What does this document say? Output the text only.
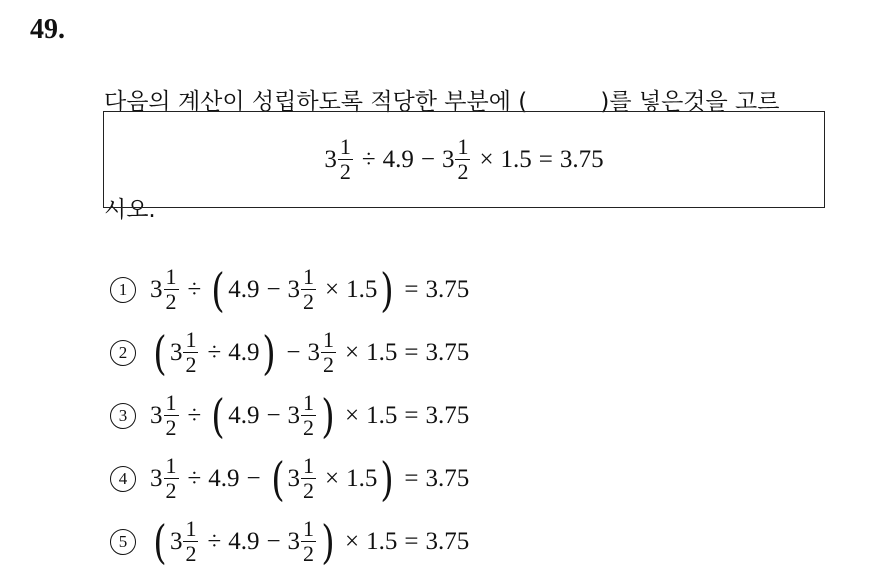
49.

다음의 계산이 성립하도록 적당한 부분에 (          )를 넣은것을 고르

시오.

$3 \frac{1}{2} \div 4.9 - 3 \frac{1}{2} \times 1.5 = 3.75$
1 $3 \frac{1}{2}$ ÷ ( $4.9 - 3 \frac{1}{2} \times 1.5$ ) = 3.75
2 ( $3 \frac{1}{2} \div 4.9$ ) − $3 \frac{1}{2} \times 1.5 = 3.75$
3 $3 \frac{1}{2}$ ÷ ( $4.9 - 3 \frac{1}{2}$ ) × 1.5 = 3.75
4 $3 \frac{1}{2} \div 4.9$ − ( $3 \frac{1}{2} \times 1.5$ ) = 3.75
5 ( $3 \frac{1}{2} \div 4.9 - 3 \frac{1}{2}$ ) × 1.5 = 3.75
